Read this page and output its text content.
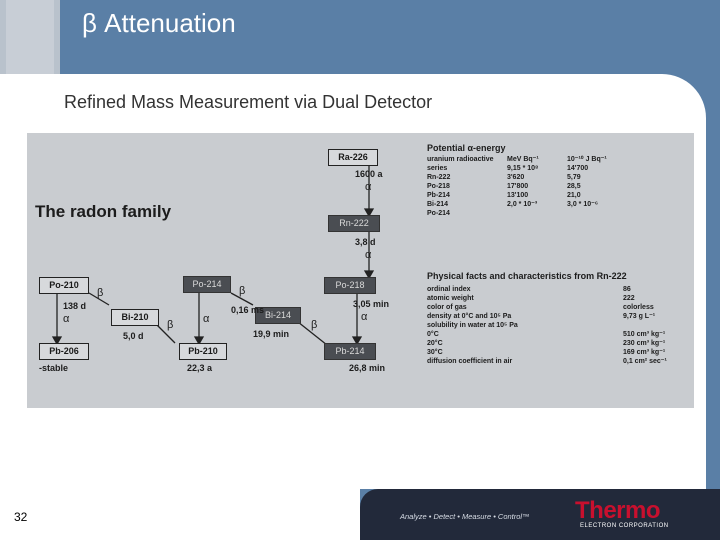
β Attenuation
Refined Mass Measurement via Dual Detector
The radon family
Ra-226
Rn-222
Po-218
Po-214
Bi-214
Pb-214
Po-210
Bi-210
Pb-210
Pb-206
1600 a
α
3,8 d
α
3,05 min
α
β
26,8 min
19,9 min
β
0,16 ms
α
β
22,3 a
5,0 d
β
138 d
α
-stable
Potential α-energy
uranium radioactive
series
Rn-222
Po-218
Pb-214
Bi-214
Po-214
MeV Bq⁻¹
9,15 * 10⁸
3'620
17'800
13'100
2,0 * 10⁻³
10⁻¹⁰ J Bq⁻¹
14'700
5,79
28,5
21,0
3,0 * 10⁻⁶
Physical facts and characteristics from Rn-222
ordinal index
atomic weight
color of gas
density at 0°C and 10⁵ Pa
solubility in water at 10⁵ Pa
0°C
20°C
30°C
diffusion coefficient in air
86
222
colorless
9,73 g L⁻¹

510 cm³ kg⁻¹
230 cm³ kg⁻¹
169 cm³ kg⁻¹
0,1 cm² sec⁻¹
32	Analyze • Detect • Measure • Control™ Thermo
ELECTRON CORPORATION
